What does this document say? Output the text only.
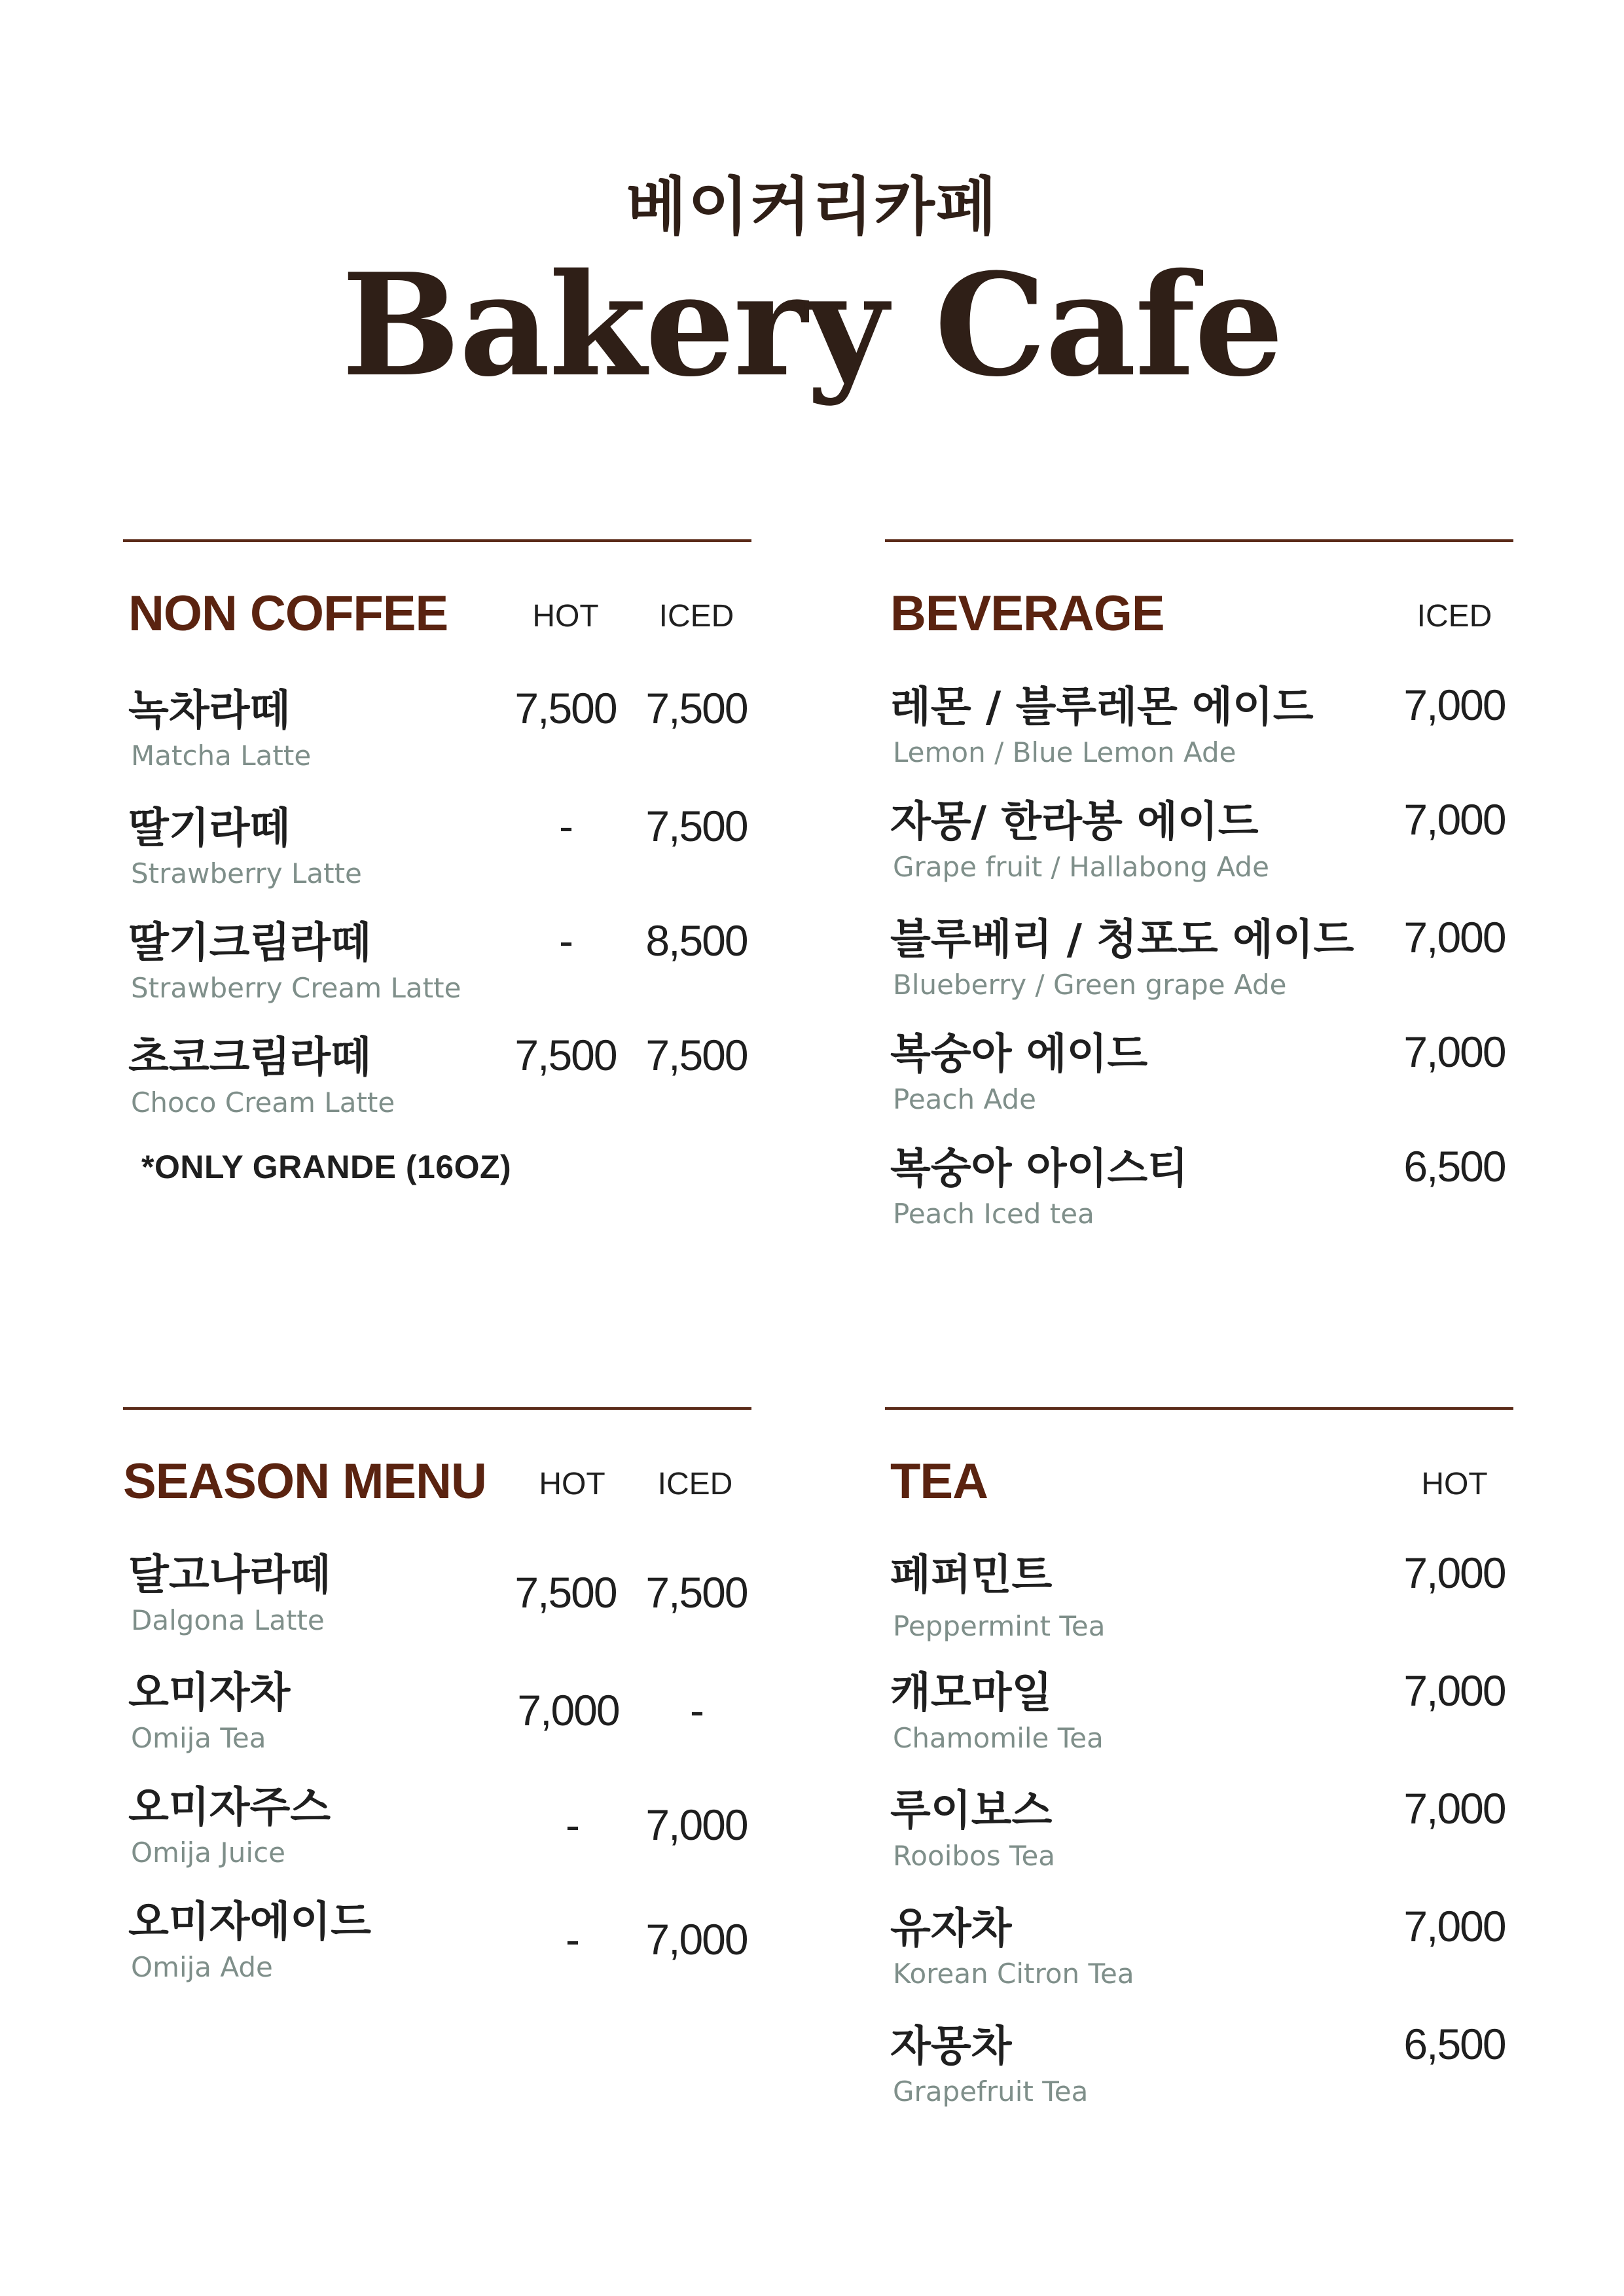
베이커리카페
Bakery Cafe
NON COFFEE	HOT	ICED
녹차라떼
Matcha Latte
7,500 7,500
딸기라떼
Strawberry Latte
-	7,500
딸기크림라떼
Strawberry Cream Latte
-	8,500
초코크림라떼
Choco Cream Latte
7,500 7,500
*ONLY GRANDE (16OZ)
BEVERAGE	ICED
레몬 / 블루레몬 에이드
Lemon / Blue Lemon Ade
7,000
자몽/ 한라봉 에이드
Grape fruit / Hallabong Ade
7,000
블루베리 / 청포도 에이드
Blueberry / Green grape Ade
7,000
복숭아 에이드
Peach Ade
7,000
복숭아 아이스티
Peach Iced tea
6,500
SEASON MENU	HOT	ICED
달고나라떼
Dalgona Latte
7,500 7,500
오미자차
Omija Tea
7,000	-
오미자주스
Omija Juice
-	7,000
오미자에이드
Omija Ade
-	7,000
TEA	HOT
페퍼민트
Peppermint Tea
7,000
캐모마일
Chamomile Tea
7,000
루이보스
Rooibos Tea
7,000
유자차
Korean Citron Tea
7,000
자몽차
Grapefruit Tea
6,500
